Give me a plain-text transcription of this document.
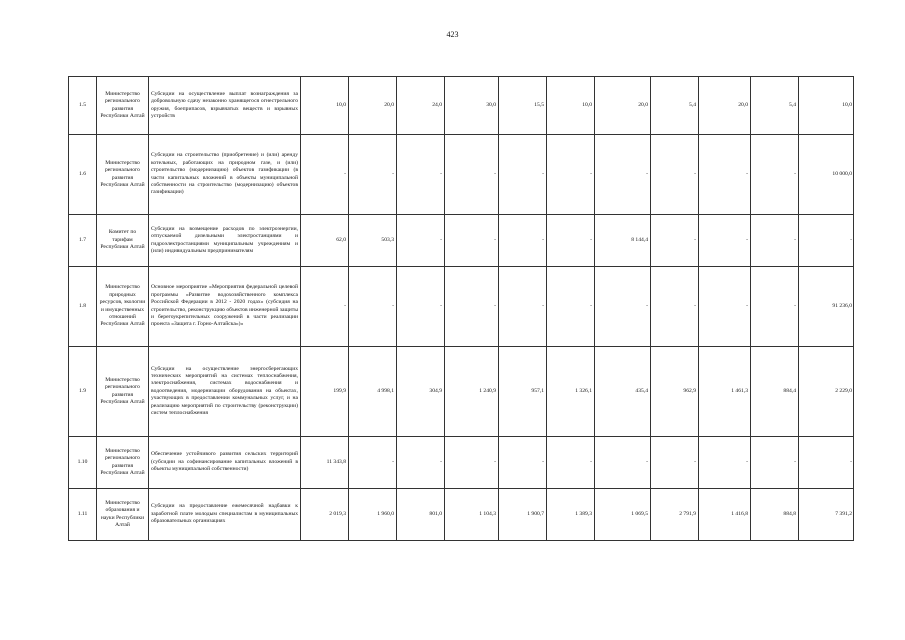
423
1.5	Министерство регионального развития Республики Алтай	Субсидии на осуществление выплат вознаграждения за добровольную сдачу незаконно хранящегося огнестрельного оружия, боеприпасов, взрывчатых веществ и взрывных устройств	10,0	20,0	24,0	30,0	15,5	10,0	20,0	5,4	20,0	5,4	10,0
1.6	Министерство регионального развития Республики Алтай	Субсидии на строительство (приобретение) и (или) аренду котельных, работающих на природном газе, и (или) строительство (модернизацию) объектов газификации (в части капитальных вложений в объекты муниципальной собственности на строительство (модернизацию) объектов газификации)	-	-	-	-	-	-	-	-	-	-	10 000,0
1.7	Комитет по тарифам Республики Алтай	Субсидии на возмещение расходов по электроэнергии, отпускаемой дизельными электростанциями и гидроэлектростанциями муниципальным учреждениям и (или) индивидуальным предпринимателям	62,0	503,3	-	-	-	-	8 144,4	-	-	-	-
1.8	Министерство природных ресурсов, экологии и имущественных отношений Республики Алтай	Основное мероприятие «Мероприятия федеральной целевой программы «Развитие водохозяйственного комплекса Российской Федерации в 2012 - 2020 годах» (субсидия на строительство, реконструкцию объектов инженерной защиты и берегоукрепительных сооружений в части реализации проекта «Защита г. Горно-Алтайска»)»	-	-	-	-	-	-	-	-	-	-	91 236,0
1.9	Министерство регионального развития Республики Алтай	Субсидии на осуществление энергосберегающих технических мероприятий на системах теплоснабжения, электроснабжения, системах водоснабжения и водоотведения, модернизации оборудования на объектах, участвующих в предоставлении коммунальных услуг, и на реализацию мероприятий по строительству (реконструкции) систем теплоснабжения	199,9	4 998,1	304,9	1 240,9	957,1	1 326,1	435,4	962,9	1 461,3	884,4	2 229,0
1.10	Министерство регионального развития Республики Алтай	Обеспечение устойчивого развития сельских территорий (субсидии на софинансирование капитальных вложений в объекты муниципальной собственности)	11 343,8	-	-	-	-	-	-	-	-	-	-
1.11	Министерство образования и науки Республики Алтай	Субсидии на предоставление ежемесячной надбавки к заработной плате молодым специалистам в муниципальных образовательных организациях	2 019,3	1 960,0	801,0	1 104,3	1 900,7	1 389,3	1 069,5	2 791,9	1 416,8	884,8	7 391,2
